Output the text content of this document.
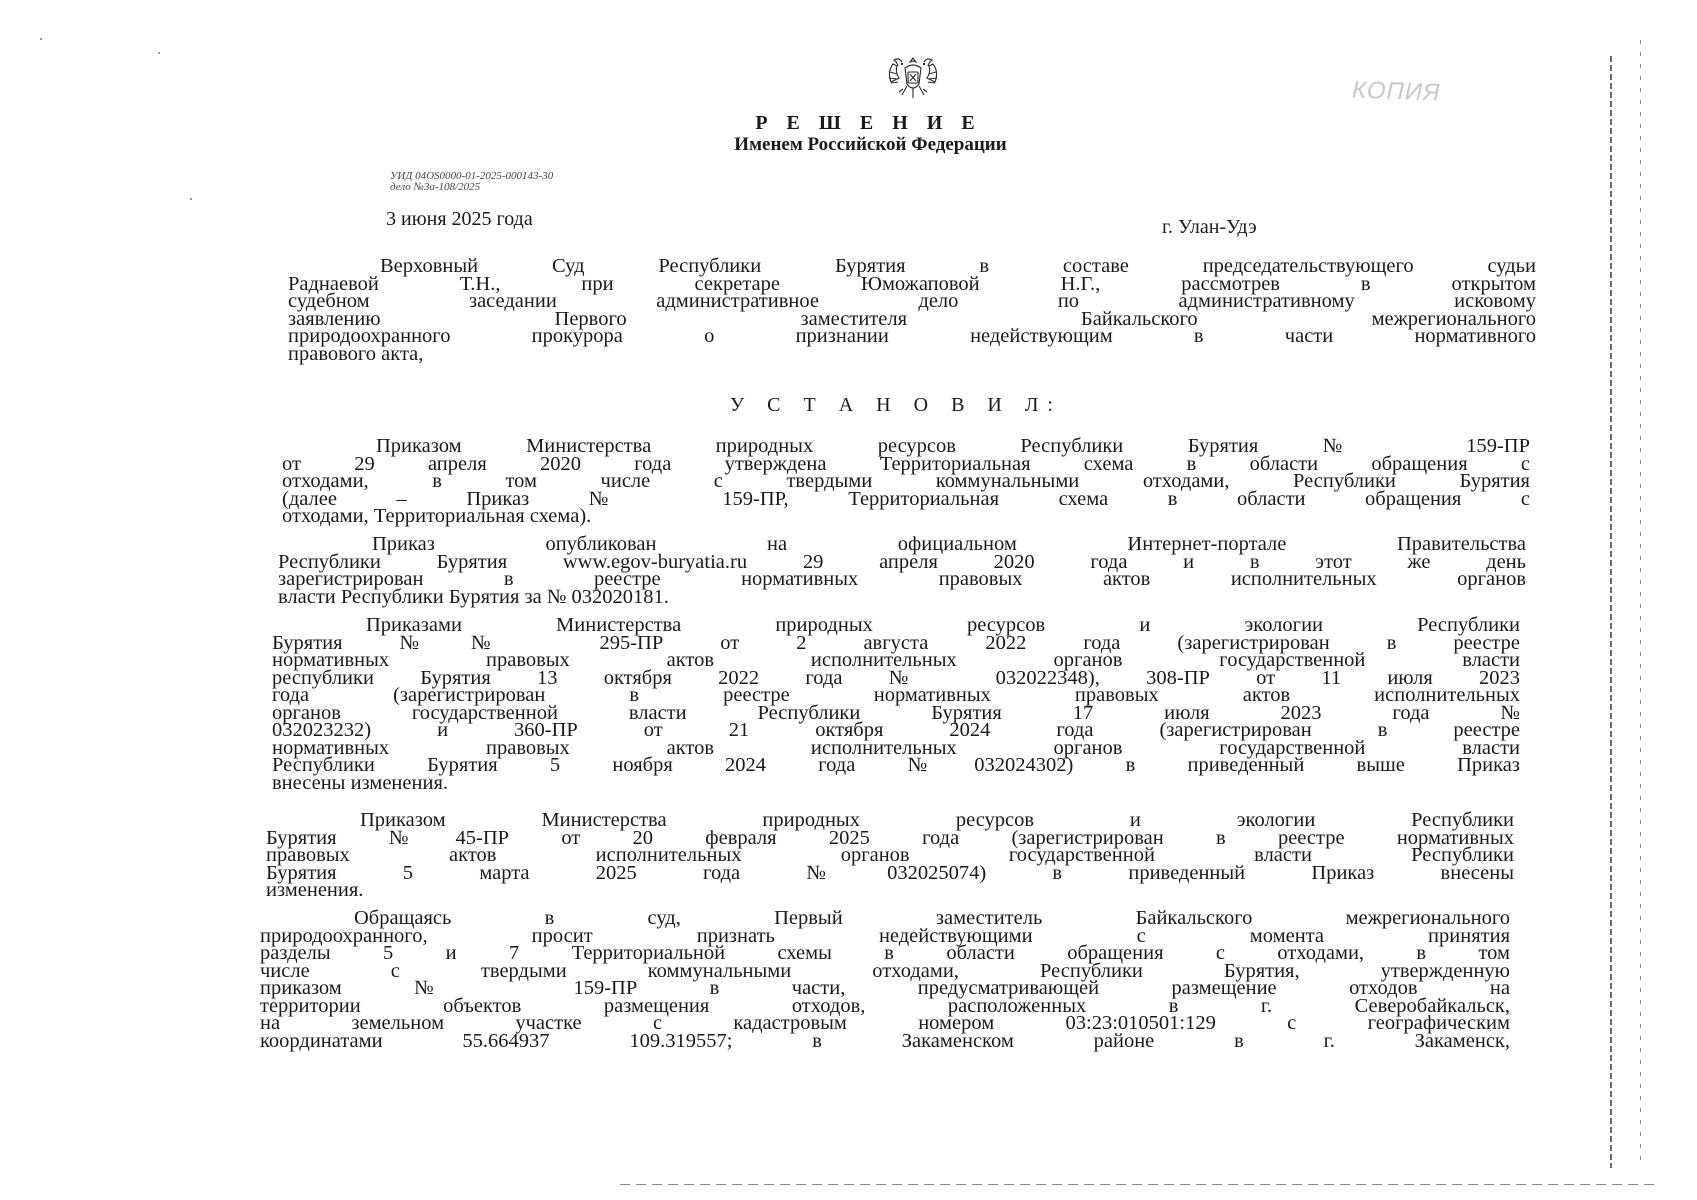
КОПИЯ
Р Е Ш Е Н И Е
Именем Российской Федерации
УИД 04OS0000-01-2025-000143-30
дело №3а-108/2025
3 июня 2025 года	г. Улан-Удэ
Верховный Суд Республики Бурятия в составе председательствующего судьи
Раднаевой Т.Н., при секретаре Юможаповой Н.Г., рассмотрев в открытом
судебном заседании административное дело по административному исковому
заявлению Первого заместителя Байкальского межрегионального
природоохранного прокурора о признании недействующим в части нормативного
правового акта,
У С Т А Н О В И Л:
Приказом Министерства природных ресурсов Республики Бурятия № 159-ПР
от 29 апреля 2020 года утверждена Территориальная схема в области обращения с
отходами, в том числе с твердыми коммунальными отходами, Республики Бурятия
(далее – Приказ № 159-ПР, Территориальная схема в области обращения с
отходами, Территориальная схема).
Приказ опубликован на официальном Интернет-портале Правительства
Республики Бурятия www.egov-buryatia.ru 29 апреля 2020 года и в этот же день
зарегистрирован в реестре нормативных правовых актов исполнительных органов
власти Республики Бурятия за № 032020181.
Приказами Министерства природных ресурсов и экологии Республики
Бурятия №№ 295-ПР от 2 августа 2022 года (зарегистрирован в реестре
нормативных правовых актов исполнительных органов государственной власти
республики Бурятия 13 октября 2022 года № 032022348), 308-ПР от 11 июля 2023
года (зарегистрирован в реестре нормативных правовых актов исполнительных
органов государственной власти Республики Бурятия 17 июля 2023 года №
032023232) и 360-ПР от 21 октября 2024 года (зарегистрирован в реестре
нормативных правовых актов исполнительных органов государственной власти
Республики Бурятия 5 ноября 2024 года №032024302) в приведенный выше Приказ
внесены изменения.
Приказом Министерства природных ресурсов и экологии Республики
Бурятия №45-ПР от 20 февраля 2025 года (зарегистрирован в реестре нормативных
правовых актов исполнительных органов государственной власти Республики
Бурятия 5 марта 2025 года №032025074) в приведенный Приказ внесены
изменения.
Обращаясь в суд, Первый заместитель Байкальского межрегионального
природоохранного, просит признать недействующими с момента принятия
разделы 5 и 7 Территориальной схемы в области обращения с отходами, в том
числе с твердыми коммунальными отходами, Республики Бурятия, утвержденную
приказом № 159-ПР в части, предусматривающей размещение отходов на
территории объектов размещения отходов, расположенных в г. Северобайкальск,
на земельном участке с кадастровым номером 03:23:010501:129 с географическим
координатами 55.664937 109.319557; в Закаменском районе в г. Закаменск,
